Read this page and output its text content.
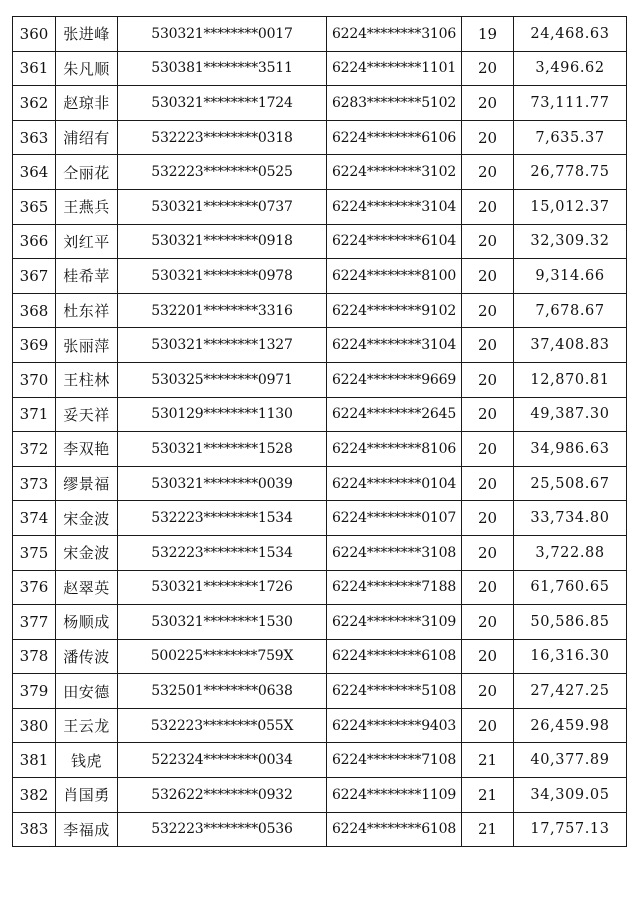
360	张进峰	530321********0017	6224********3106	19	24,468.63
361	朱凡顺	530381********3511	6224********1101	20	3,496.62
362	赵琼非	530321********1724	6283********5102	20	73,111.77
363	浦绍有	532223********0318	6224********6106	20	7,635.37
364	仝丽花	532223********0525	6224********3102	20	26,778.75
365	王燕兵	530321********0737	6224********3104	20	15,012.37
366	刘红平	530321********0918	6224********6104	20	32,309.32
367	桂希苹	530321********0978	6224********8100	20	9,314.66
368	杜东祥	532201********3316	6224********9102	20	7,678.67
369	张丽萍	530321********1327	6224********3104	20	37,408.83
370	王柱林	530325********0971	6224********9669	20	12,870.81
371	妥天祥	530129********1130	6224********2645	20	49,387.30
372	李双艳	530321********1528	6224********8106	20	34,986.63
373	缪景福	530321********0039	6224********0104	20	25,508.67
374	宋金波	532223********1534	6224********0107	20	33,734.80
375	宋金波	532223********1534	6224********3108	20	3,722.88
376	赵翠英	530321********1726	6224********7188	20	61,760.65
377	杨顺成	530321********1530	6224********3109	20	50,586.85
378	潘传波	500225********759X	6224********6108	20	16,316.30
379	田安德	532501********0638	6224********5108	20	27,427.25
380	王云龙	532223********055X	6224********9403	20	26,459.98
381	钱虎	522324********0034	6224********7108	21	40,377.89
382	肖国勇	532622********0932	6224********1109	21	34,309.05
383	李福成	532223********0536	6224********6108	21	17,757.13
